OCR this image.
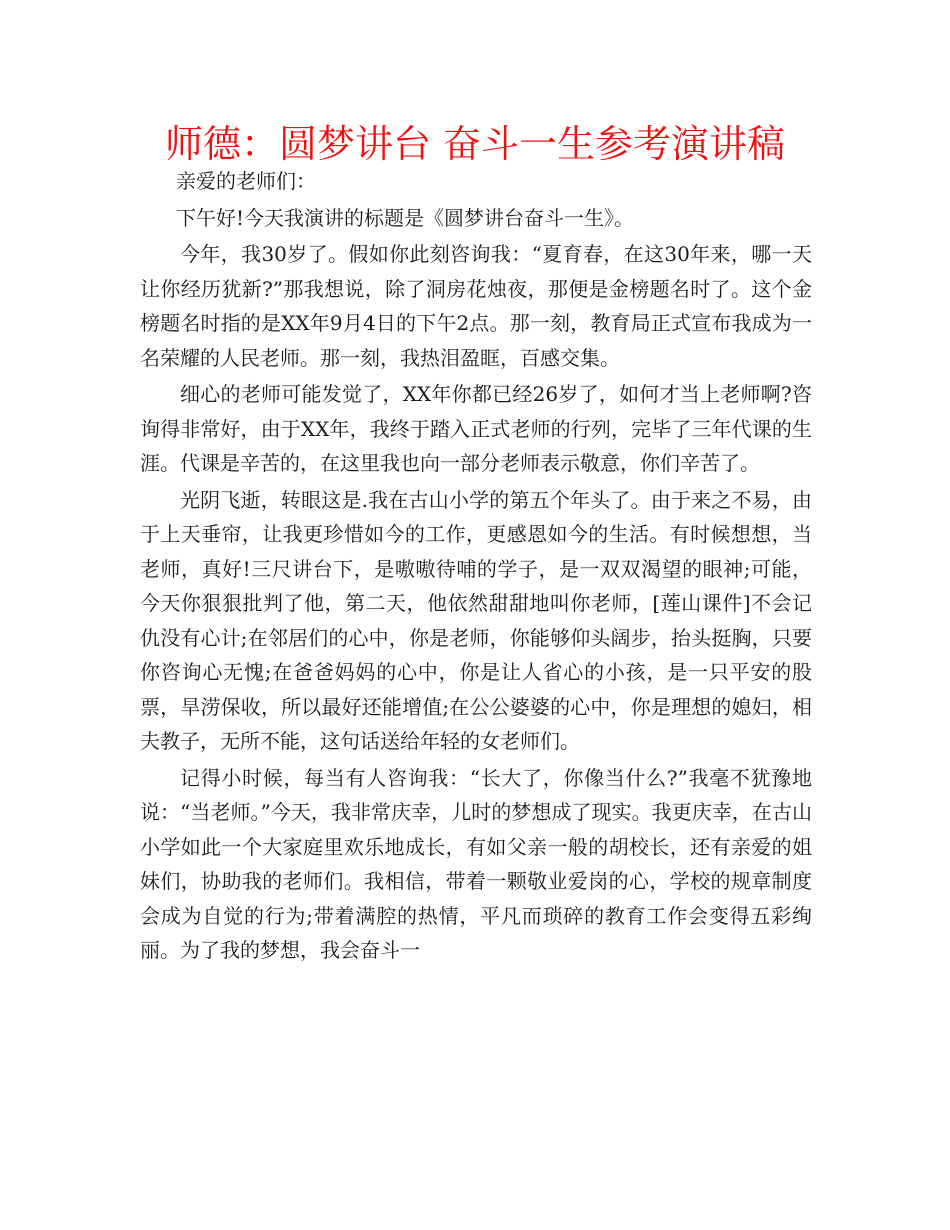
师德：圆梦讲台 奋斗一生参考演讲稿

亲爱的老师们：

下午好!今天我演讲的标题是《圆梦讲台奋斗一生》。

今年，我30岁了。假如你此刻咨询我：“夏育春，在这30年来，哪一天让你经历犹新?”那我想说，除了洞房花烛夜，那便是金榜题名时了。这个金榜题名时指的是XX年9月4日的下午2点。那一刻，教育局正式宣布我成为一名荣耀的人民老师。那一刻，我热泪盈眶，百感交集。

细心的老师可能发觉了，XX年你都已经26岁了，如何才当上老师啊?咨询得非常好，由于XX年，我终于踏入正式老师的行列，完毕了三年代课的生涯。代课是辛苦的，在这里我也向一部分老师表示敬意，你们辛苦了。

光阴飞逝，转眼这是.我在古山小学的第五个年头了。由于来之不易，由于上天垂帘，让我更珍惜如今的工作，更感恩如今的生活。有时候想想，当老师，真好!三尺讲台下，是嗷嗷待哺的学子，是一双双渴望的眼神;可能，今天你狠狠批判了他，第二天，他依然甜甜地叫你老师，[莲山课件]不会记仇没有心计;在邻居们的心中，你是老师，你能够仰头阔步，抬头挺胸，只要你咨询心无愧;在爸爸妈妈的心中，你是让人省心的小孩，是一只平安的股票，旱涝保收，所以最好还能增值;在公公婆婆的心中，你是理想的媳妇，相夫教子，无所不能，这句话送给年轻的女老师们。

记得小时候，每当有人咨询我：“长大了，你像当什么?”我毫不犹豫地说：“当老师。”今天，我非常庆幸，儿时的梦想成了现实。我更庆幸，在古山小学如此一个大家庭里欢乐地成长，有如父亲一般的胡校长，还有亲爱的姐妹们，协助我的老师们。我相信，带着一颗敬业爱岗的心，学校的规章制度会成为自觉的行为;带着满腔的热情，平凡而琐碎的教育工作会变得五彩绚丽。为了我的梦想，我会奋斗一
